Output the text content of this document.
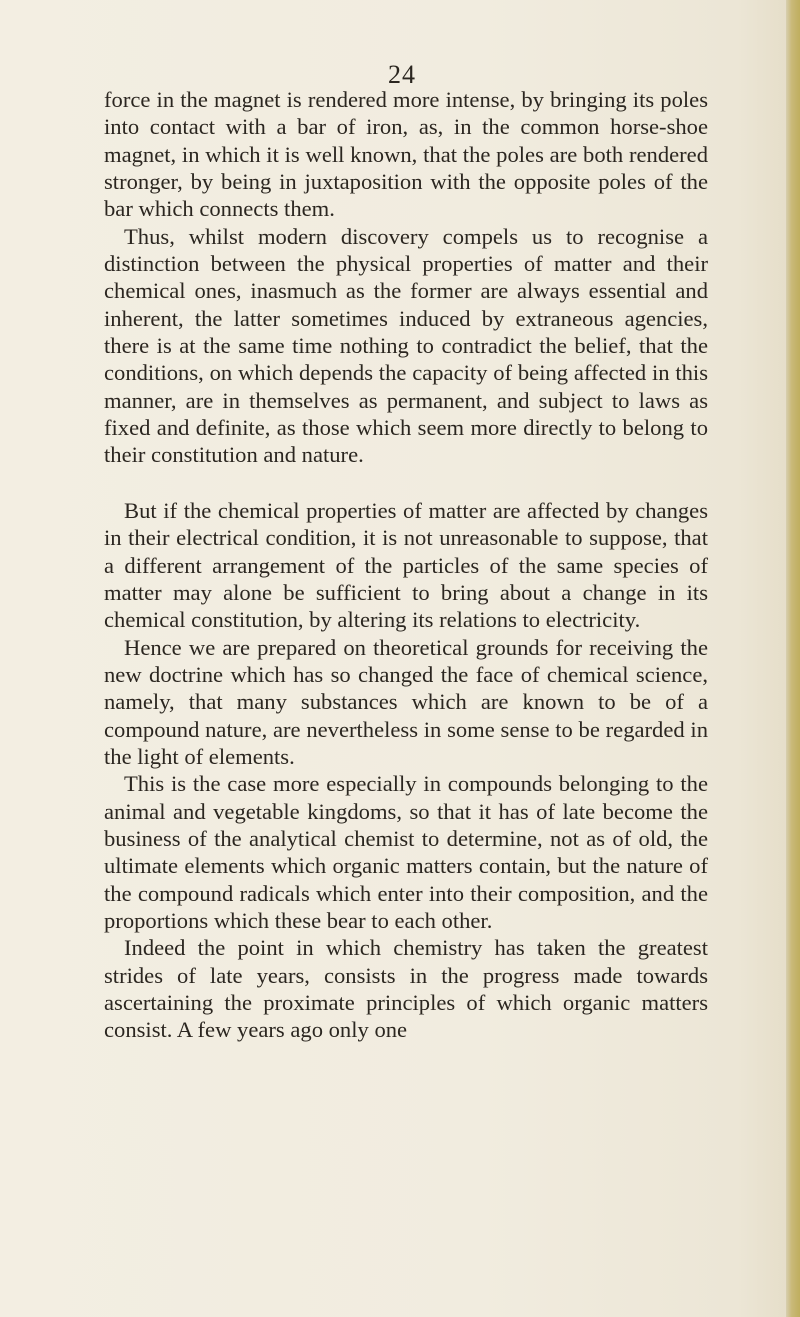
24

force in the magnet is rendered more intense, by bringing its poles into contact with a bar of iron, as, in the common horse-shoe magnet, in which it is well known, that the poles are both rendered stronger, by being in juxtaposition with the opposite poles of the bar which connects them.

Thus, whilst modern discovery compels us to recognise a distinction between the physical properties of matter and their chemical ones, inasmuch as the former are always essential and inherent, the latter sometimes induced by extraneous agencies, there is at the same time nothing to contradict the belief, that the conditions, on which depends the capacity of being affected in this manner, are in themselves as permanent, and subject to laws as fixed and definite, as those which seem more directly to belong to their constitution and nature.

But if the chemical properties of matter are affected by changes in their electrical condition, it is not unreasonable to suppose, that a different arrangement of the particles of the same species of matter may alone be sufficient to bring about a change in its chemical constitution, by altering its relations to electricity.

Hence we are prepared on theoretical grounds for receiving the new doctrine which has so changed the face of chemical science, namely, that many substances which are known to be of a compound nature, are nevertheless in some sense to be regarded in the light of elements.

This is the case more especially in compounds belonging to the animal and vegetable kingdoms, so that it has of late become the business of the analytical chemist to determine, not as of old, the ultimate elements which organic matters contain, but the nature of the compound radicals which enter into their composition, and the proportions which these bear to each other.

Indeed the point in which chemistry has taken the greatest strides of late years, consists in the progress made towards ascertaining the proximate principles of which organic matters consist. A few years ago only one
